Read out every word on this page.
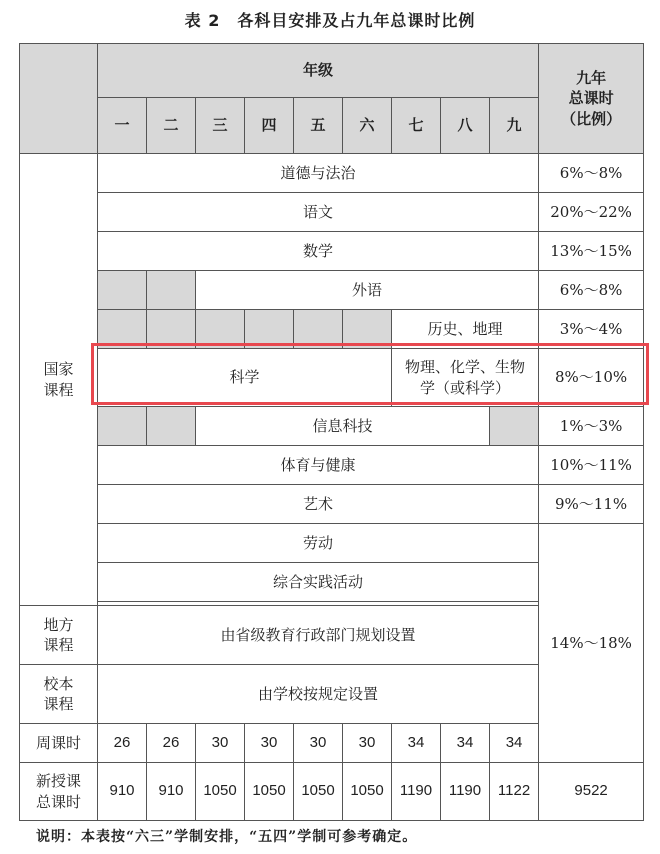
表 2　各科目安排及占九年总课时比例
	年级									九年
总课时
（比例）

	一	二	三	四	五	六	七	八	九	

国家
课程	道德与法治									6%～8%
	语文									20%～22%
	数学									13%～15%
			外语							6%～8%
							历史、地理			3%～4%
	科学						物理、化学、生物
学（或科学）			8%～10%
			信息科技							1%～3%
	体育与健康									10%～11%
	艺术									9%～11%
	劳动									14%～18%
	综合实践活动									

地方
课程	由省级教育行政部门规划设置									

校本
课程	由学校按规定设置									
周课时	26	26	30	30	30	30	34	34	34	

新授课
总课时	910	910	1050	1050	1050	1050	1190	1190	1122	9522
说明：本表按“六三”学制安排，“五四”学制可参考确定。
